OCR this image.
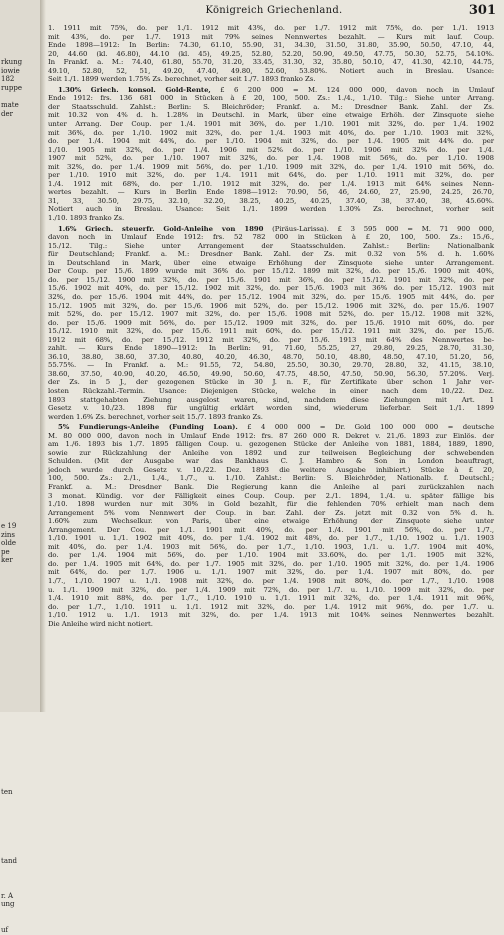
rkung
iowie
182
ruppe
mate
der
e 19
zins
olde
pe
ker
ten
tand
r. A
ung
uf
Königreich Griechenland.	301
1. 1911 mit 75%, do. per 1./1. 1912 mit 43%, do. per 1./7. 1912 mit 75%, do. per 1./1. 1913
mit 43%, do. per 1./7. 1913 mit 79% seines Nennwertes bezahlt. — Kurs mit lauf. Coup.
Ende 1898—1912: In Berlin: 74.30, 61.10, 55.90, 31, 34.30, 31.50, 31.80, 35.90, 50.50, 47.10, 44,
20, 44.60 (kl. 46.80), 44.10 (kl. 45), 49.25, 52.80, 52.20, 50.90, 49.50, 47.75, 50.30, 52.75, 54.10%.
In Frankf. a. M.: 74.40, 61.80, 55.70, 31.20, 33.45, 31.30, 32, 35.80, 50.10, 47, 41.30, 42.10, 44.75,
49.10, 52.80, 52, 51, 49.20, 47.40, 49.80, 52.60, 53.80%. Notiert auch in Breslau. Usance:
Seit 1./1. 1899 werden 1.75% Zs. berechnet, vorher seit 1./7. 1893 franko Zs.
1.30% Griech. konsol. Gold-Rente, £ 6 200 000 = M. 124 000 000, davon noch in Umlauf
Ende 1912: frs. 136 681 000 in Stücken à £ 20, 100, 500. Zs.: 1./4., 1./10. Tilg.: Siehe unter Arrang.
der Staatsschuld. Zahlst.: Berlin: S. Bleichröder; Frankf. a. M.: Dresdner Bank. Zahl. der Zs.
mit 10.32 von 4% d. h. 1.28% in Deutschl. in Mark, über eine etwaige Erhöh. der Zinsquote siehe
unter Arrang. Der Coup. per 1./4. 1901 mit 36%, do. per 1./10. 1901 mit 32%, do. per 1./4. 1902
mit 36%, do. per 1./10. 1902 mit 32%, do. per 1./4. 1903 mit 40%, do. per 1./10. 1903 mit 32%,
do. per 1./4. 1904 mit 44%, do. per 1./10. 1904 mit 32%, do. per 1./4. 1905 mit 44% do. per
1./10. 1905 mit 32%, do. per 1./4. 1906 mit 52% do. per 1./10. 1906 mit 32% do. per 1./4.
1907 mit 52%, do. per 1./10. 1907 mit 32%, do. per 1./4. 1908 mit 56%, do. per 1./10. 1908
mit 32%, do. per 1./4. 1909 mit 56%, do. per 1./10. 1909 mit 32%, do. per 1./4. 1910 mit 56%, do.
per 1./10. 1910 mit 32%, do. per 1./4. 1911 mit 64%, do. per 1./10. 1911 mit 32%, do. per
1./4. 1912 mit 68%, do. per 1./10. 1912 mit 32%, do. per 1./4. 1913 mit 64% seines Nenn-
wertes bezahlt. — Kurs in Berlin Ende 1898—1912: 70.90, 56, 46, 24.60, 27, 25.90, 24.25, 26.70,
31, 33, 30.50, 29.75, 32.10, 32.20, 38.25, 40.25, 40.25, 37.40, 38, 37.40, 38, 45.60%.
Notiert auch in Breslau. Usance: Seit 1./1. 1899 werden 1.30% Zs. berechnet, vorher seit
1./10. 1893 franko Zs.
1.6% Griech. steuerfr. Gold-Anleihe von 1890 (Piräus-Larissa). £ 3 595 000 = M. 71 900 000,
davon noch in Umlauf Ende 1912: frs. 52 782 000 in Stücken à £ 20, 100, 500. Zs.: 15./6.,
15./12. Tilg.: Siehe unter Arrangement der Staatsschulden. Zahlst.: Berlin: Nationalbank
für Deutschland; Frankf. a. M.: Dresdner Bank. Zahl. der Zs. mit 0.32 von 5% d. h. 1.60%
in Deutschland in Mark, über eine etwaige Erhöhung der Zinsquote siehe unter Arrangement.
Der Coup. per 15./6. 1899 wurde mit 36% do. per 15./12. 1899 mit 32%, do. per 15./6. 1900 mit 40%,
do. per 15./12. 1900 mit 32%, do. per 15./6. 1901 mit 36%, do. per 15./12. 1901 mit 32%, do. per
15./6. 1902 mit 40%, do. per 15./12. 1902 mit 32%, do. per 15./6. 1903 mit 36% do. per 15./12. 1903 mit
32%, do. per 15./6. 1904 mit 44%, do. per 15./12. 1904 mit 32%, do. per 15./6. 1905 mit 44%, do. per
15./12. 1905 mit 32%, do. per 15./6. 1906 mit 52%, do. per 15./12. 1906 mit 32%, do. per 15./6. 1907
mit 52%, do. per 15./12. 1907 mit 32%, do. per 15./6. 1908 mit 52%, do. per 15./12. 1908 mit 32%,
do. per 15./6. 1909 mit 56%, do. per 15./12. 1909 mit 32%, do. per 15./6. 1910 mit 60%, do. per
15./12. 1910 mit 32%, do. per 15./6. 1911 mit 60%, do. per 15./12. 1911 mit 32%, do. per 15./6.
1912 mit 68%, do. per 15./12. 1912 mit 32%, do. per 15./6. 1913 mit 64% des Nennwertes be-
zahlt. — Kurs Ende 1890—1912: In Berlin: 91, 71.60, 55.25, 27, 29.80, 29.25, 28.70, 31.30,
36.10, 38.80, 38.60, 37.30, 40.80, 40.20, 46.30, 48.70, 50.10, 48.80, 48.50, 47.10, 51.20, 56,
55.75%. — In Frankf. a. M.: 91.55, 72, 54.80, 25.50, 30.30, 29.70, 28.80, 32, 41.15, 38.10,
38.60, 37.50, 40.90, 40.20, 46.50, 49.90, 50.60, 47.75, 48.50, 47.50, 50.90, 56.30, 57.20%. Verj.
der Zs. in 5 J., der gezogenen Stücke in 30 J. n. F., für Zertifikate über schon 1 Jahr ver-
losten Rückzahl.-Termin. Usance: Diejenigen Stücke, welche in einer nach dem 10./22. Dez.
1893 stattgehabten Ziehung ausgelost waren, sind, nachdem diese Ziehungen mit Art. 1
Gesetz v. 10./23. 1898 für ungültig erklärt worden sind, wiederum lieferbar. Seit 1./1. 1899
werden 1.6% Zs. berechnet, vorher seit 15./7. 1893 franko Zs.
5% Fundierungs-Anleihe (Funding Loan). £ 4 000 000 = Dr. Gold 100 000 000 = deutsche
M. 80 000 000, davon noch in Umlauf Ende 1912: frs. 87 260 000 R. Dekret v. 21./6. 1893 zur Einlös. der
am 1./6. 1893 bis 1./7. 1895 fälligen Coup. u. gezogenen Stücke der Anleihe von 1881, 1884, 1889, 1890,
sowie zur Rückzahlung der Anleihe von 1892 und zur teilweisen Begleichung der schwebenden
Schulden. (Mit der Ausgabe war das Bankhaus C. J. Hambro & Son in London beauftragt,
jedoch wurde durch Gesetz v. 10./22. Dez. 1893 die weitere Ausgabe inhibiert.) Stücke à £ 20,
100, 500. Zs.: 2./1., 1./4., 1./7., u. 1./10. Zahlst.: Berlin: S. Bleichröder, Nationalb. f. Deutschl.;
Frankf. a. M.: Dresdner Bank. Die Regierung kann die Anleihe al pari zurückzahlen nach
3 monat. Kündig. vor der Fälligkeit eines Coup. Coup. per 2./1. 1894, 1./4. u. später fällige bis
1./10. 1898 wurden nur mit 30% in Gold bezahlt, für die fehlenden 70% erhielt man nach dem
Arrangement 5% vom Nennwert der Coup. in bar. Zahl. der Zs. jetzt mit 0.32 von 5% d. h.
1.60% zum Wechselkur. von Paris, über eine etwaige Erhöhung der Zinsquote siehe unter
Arrangement. Der Cou. per 1./1. 1901 mit 40%, do. per 1./4. 1901 mit 56%, do. per 1./7.,
1./10. 1901 u. 1./1. 1902 mit 40%, do. per 1./4. 1902 mit 48%, do. per 1./7., 1./10. 1902 u. 1./1. 1903
mit 40%, do. per 1./4. 1903 mit 56%, do. per 1./7., 1./10. 1903, 1./1. u. 1./7. 1904 mit 40%,
do. per 1./4. 1904 mit 56%, do. per 1./10. 1904 mit 33.60%, do. per 1./1. 1905 mit 32%,
do. per 1./4. 1905 mit 64%, do. per 1./7. 1905 mit 32%, do. per 1./10. 1905 mit 32%, do. per 1./4. 1906
mit 64%, do. per 1./7. 1906 u. 1./1. 1907 mit 32%, do. per 1./4. 1907 mit 80%, do. per
1./7., 1./10. 1907 u. 1./1. 1908 mit 32%, do. per 1./4. 1908 mit 80%, do. per 1./7., 1./10. 1908
u. 1./1. 1909 mit 32%, do. per 1./4. 1909 mit 72%, do. per 1./7. u. 1./10. 1909 mit 32%, do. per
1./4. 1910 mit 88%, do. per 1./7., 1./10. 1910 u. 1./1. 1911 mit 32%, do. per 1./4. 1911 mit 96%,
do. per 1./7., 1./10. 1911 u. 1./1. 1912 mit 32%, do. per 1./4. 1912 mit 96%, do. per 1./7. u.
1./10. 1912 u. 1./1. 1913 mit 32%, do. per 1./4. 1913 mit 104% seines Nennwertes bezahlt.
Die Anleihe wird nicht notiert.
